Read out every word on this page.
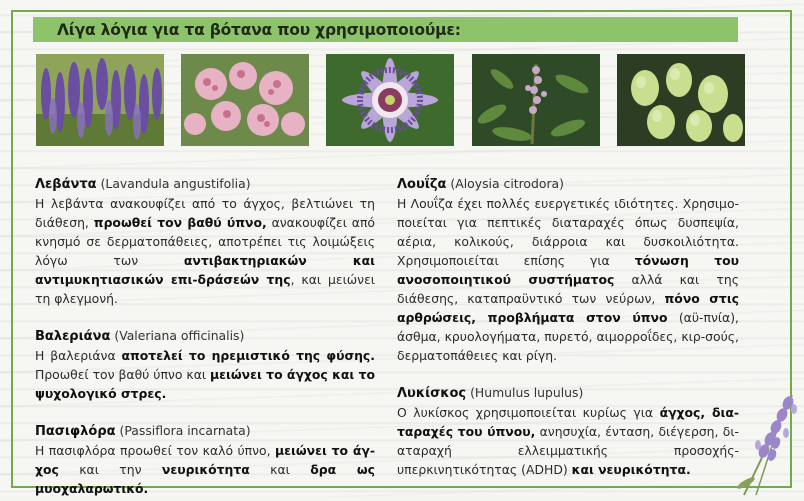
Λίγα λόγια για τα βότανα που χρησιμοποιούμε:

Λεβάντα (Lavandula angustifolia)
Η λεβάντα ανακουφίζει από το άγχος, βελτιώνει τη διάθεση, προωθεί τον βαθύ ύπνο, ανακουφίζει από κνησμό σε δερματοπάθειες, αποτρέπει τις λοιμώξεις λόγω των αντιβακτηριακών και αντιμυκητιασικών επι-δράσεών της, και μειώνει τη φλεγμονή.

Βαλεριάνα (Valeriana officinalis)
Η βαλεριάνα αποτελεί το ηρεμιστικό της φύσης. Προωθεί τον βαθύ ύπνο και μειώνει το άγχος και το ψυχολογικό στρες.

Πασιφλόρα (Passiflora incarnata)
Η πασιφλόρα προωθεί τον καλό ύπνο, μειώνει το άγ-χος και την νευρικότητα και δρα ως μυοχαλαρωτικό.

Λουΐζα (Aloysia citrodora)
Η Λουΐζα έχει πολλές ευεργετικές ιδιότητες. Χρησιμο-ποιείται για πεπτικές διαταραχές όπως δυσπεψία, αέρια, κολικούς, διάρροια και δυσκοιλιότητα. Χρησιμοποιείται επίσης για τόνωση του ανοσοποιητικού συστήματος αλλά και της διάθεσης, καταπραϋντικό των νεύρων, πόνο στις αρθρώσεις, προβλήματα στον ύπνο (αϋ-πνία), άσθμα, κρυολογήματα, πυρετό, αιμορροΐδες, κιρ-σούς, δερματοπάθειες και ρίγη.

Λυκίσκος (Humulus lupulus)
Ο λυκίσκος χρησιμοποιείται κυρίως για άγχος, δια-ταραχές του ύπνου, ανησυχία, ένταση, διέγερση, δι-αταραχή ελλειμματικής προσοχής- υπερκινητικότητας (ADHD) και νευρικότητα.
